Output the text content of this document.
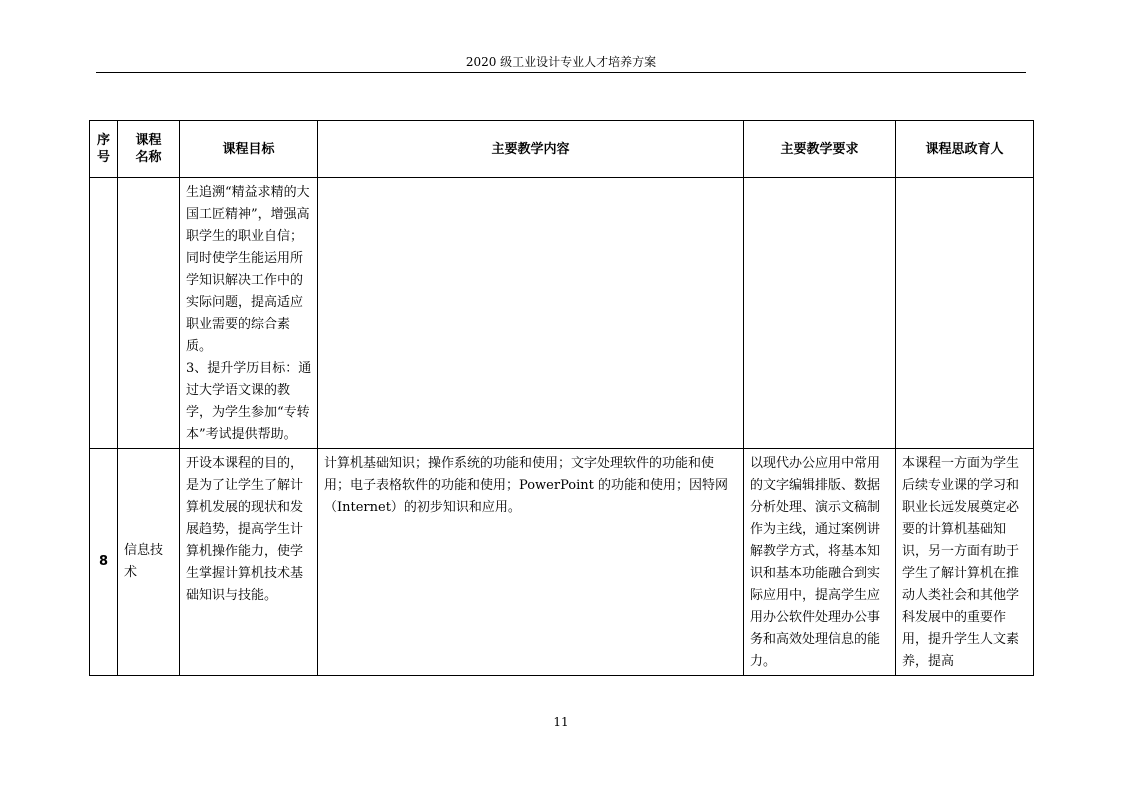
2020 级工业设计专业人才培养方案
序号	课程名称	课程目标	主要教学内容	主要教学要求	课程思政育人

		生追溯“精益求精的大国工匠精神”，增强高职学生的职业自信；同时使学生能运用所学知识解决工作中的实际问题，提高适应职业需要的综合素质。
3、提升学历目标：通过大学语文课的教学，为学生参加“专转本”考试提供帮助。			

8	信息技术	开设本课程的目的，是为了让学生了解计算机发展的现状和发展趋势，提高学生计算机操作能力，使学生掌握计算机技术基础知识与技能。	计算机基础知识；操作系统的功能和使用；文字处理软件的功能和使用；电子表格软件的功能和使用；PowerPoint 的功能和使用；因特网（Internet）的初步知识和应用。	以现代办公应用中常用的文字编辑排版、数据分析处理、演示文稿制作为主线，通过案例讲解教学方式，将基本知识和基本功能融合到实际应用中，提高学生应用办公软件处理办公事务和高效处理信息的能力。	本课程一方面为学生后续专业课的学习和职业长远发展奠定必要的计算机基础知识，另一方面有助于学生了解计算机在推动人类社会和其他学科发展中的重要作用，提升学生人文素养，提高
11
